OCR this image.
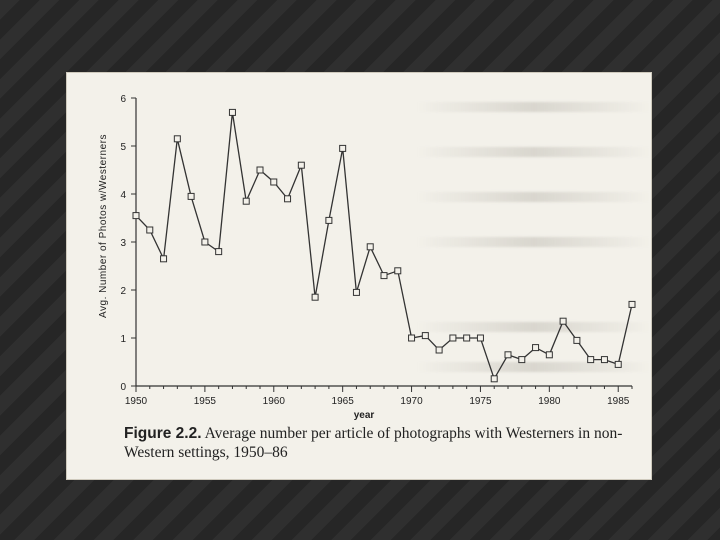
0
1
2
3
4
5
6
1950	1955	1960	1965	1970	1975	1980	1985
year
Avg. Number of Photos w/Westerners
Figure 2.2. Average number per article of photographs with Westerners in non-Western settings, 1950–86
